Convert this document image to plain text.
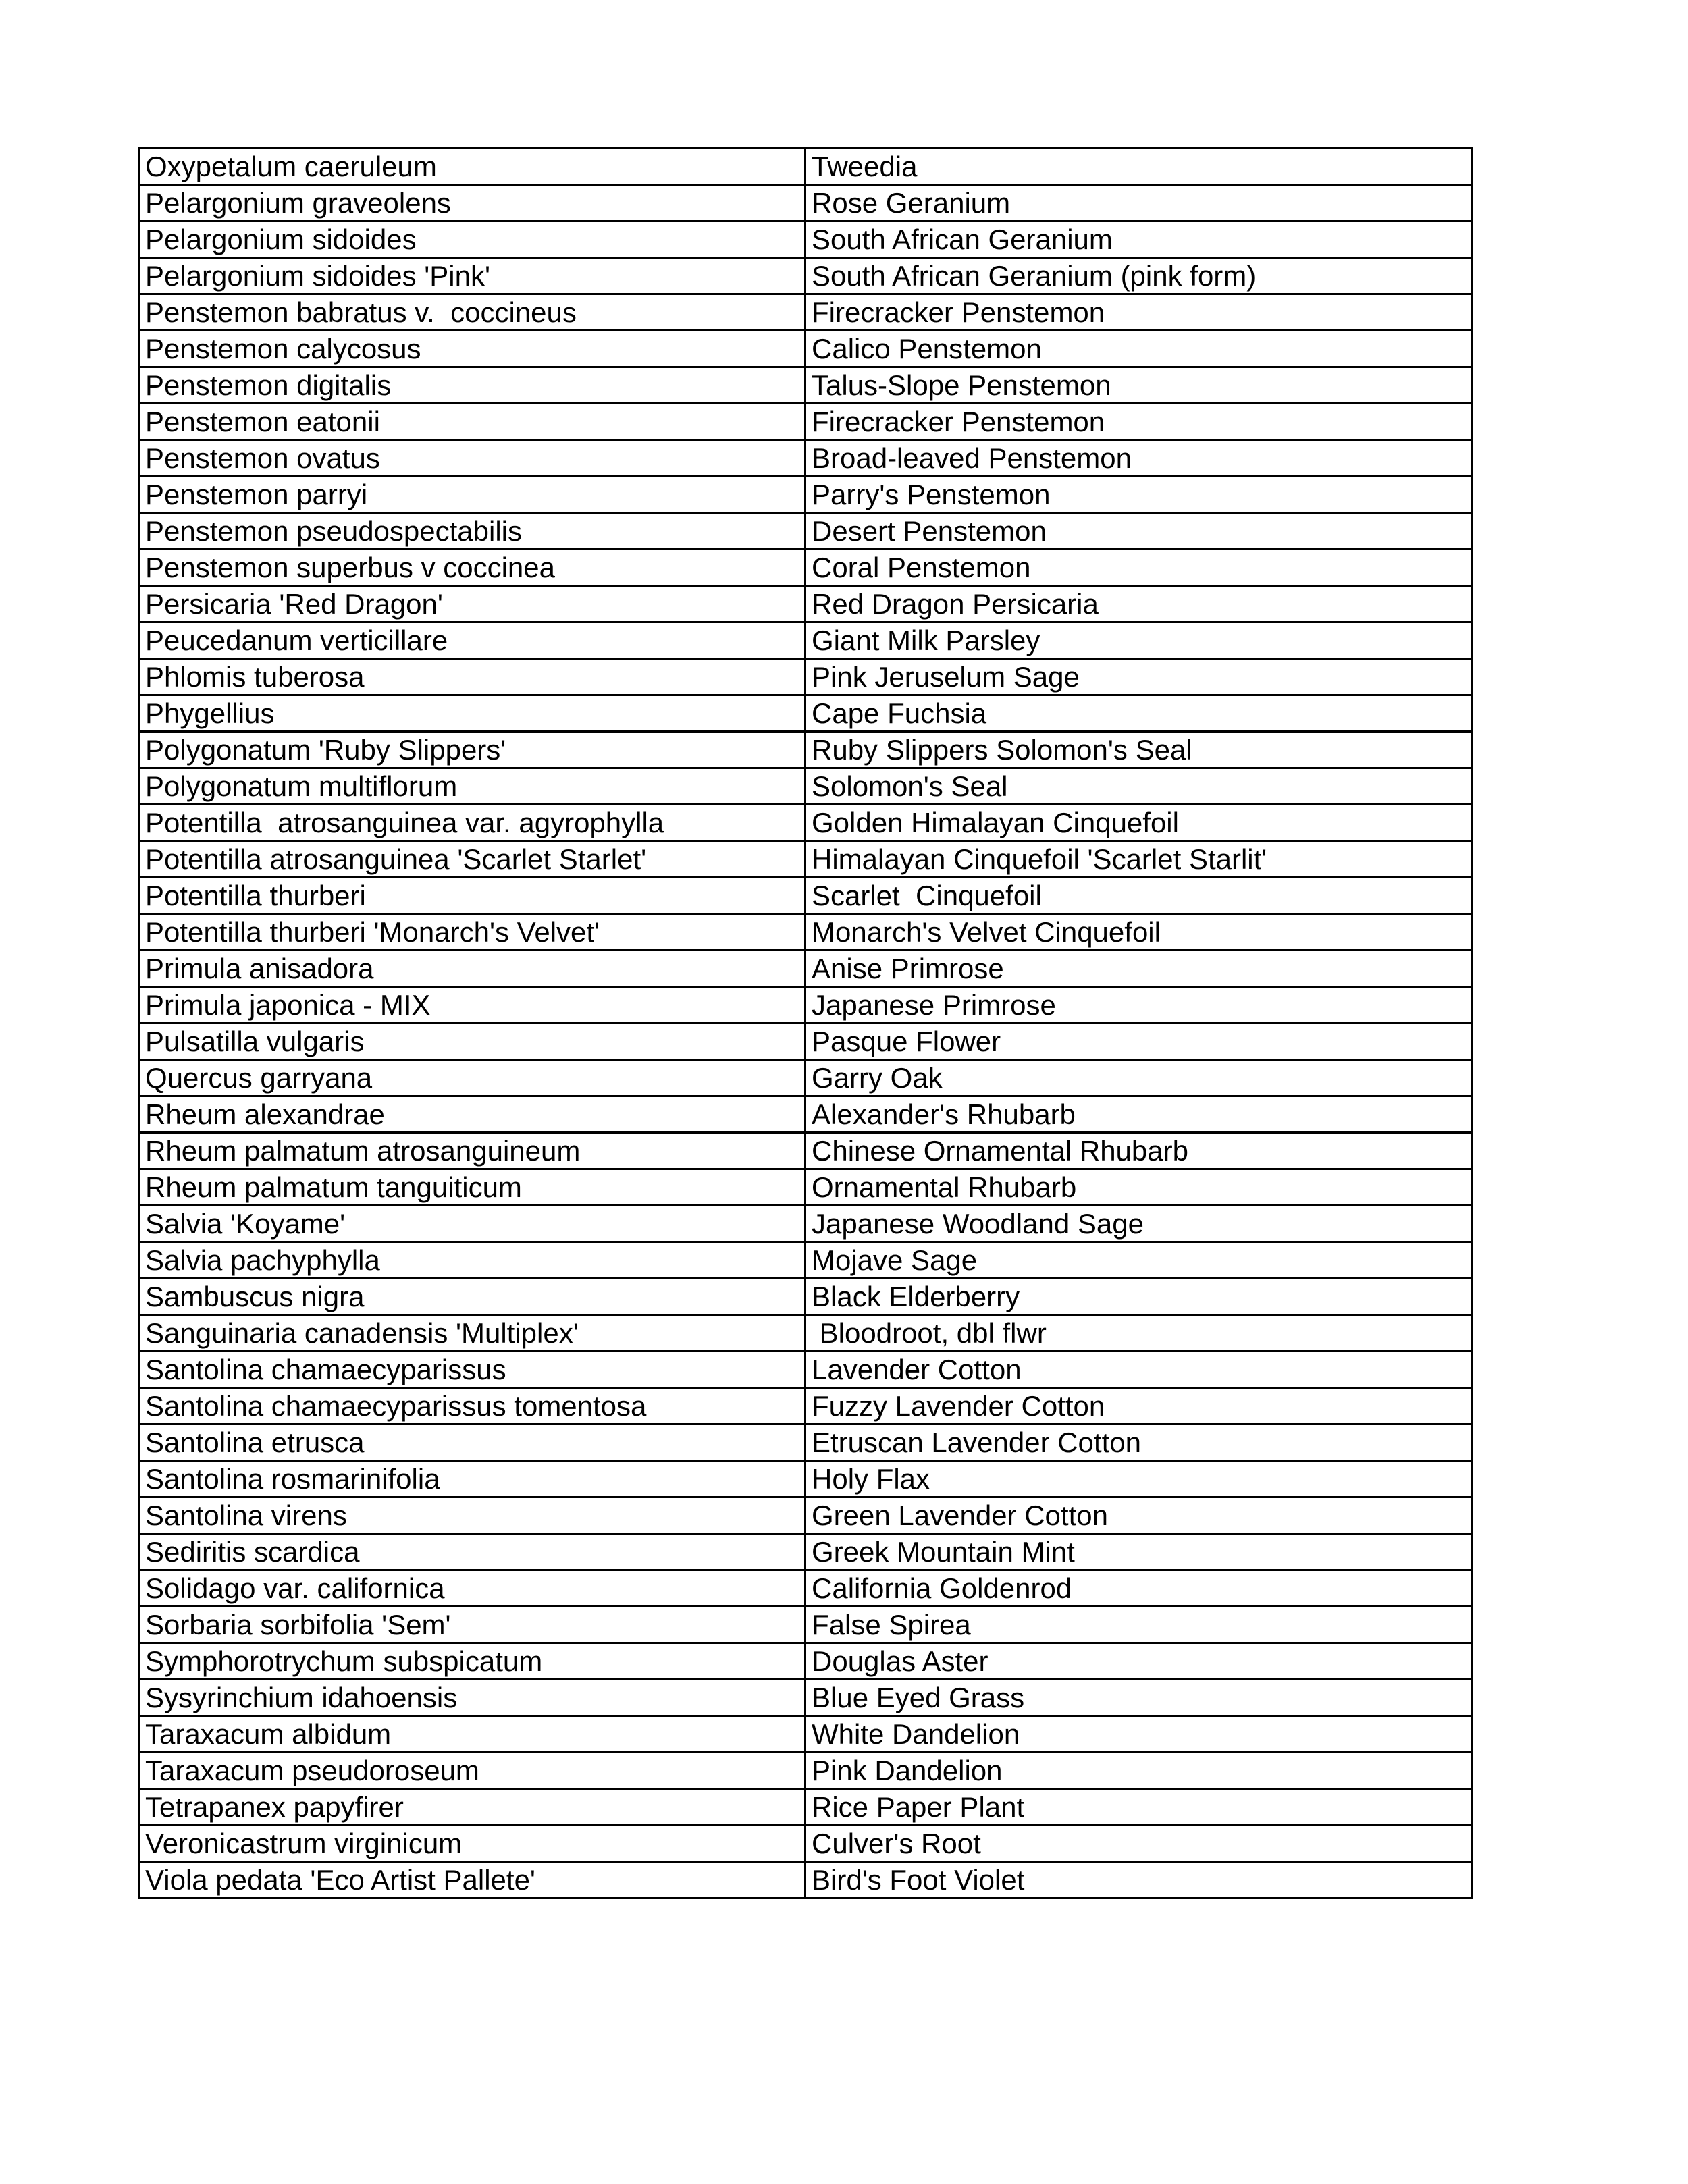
Oxypetalum caeruleum	Tweedia
Pelargonium graveolens	Rose Geranium
Pelargonium sidoides	South African Geranium
Pelargonium sidoides 'Pink'	South African Geranium (pink form)
Penstemon babratus v.  coccineus	Firecracker Penstemon
Penstemon calycosus	Calico Penstemon
Penstemon digitalis	Talus-Slope Penstemon
Penstemon eatonii	Firecracker Penstemon
Penstemon ovatus	Broad-leaved Penstemon
Penstemon parryi	Parry's Penstemon
Penstemon pseudospectabilis	Desert Penstemon
Penstemon superbus v coccinea	Coral Penstemon
Persicaria 'Red Dragon'	Red Dragon Persicaria
Peucedanum verticillare	Giant Milk Parsley
Phlomis tuberosa	Pink Jeruselum Sage
Phygellius	Cape Fuchsia
Polygonatum 'Ruby Slippers'	Ruby Slippers Solomon's Seal
Polygonatum multiflorum	Solomon's Seal
Potentilla  atrosanguinea var. agyrophylla	Golden Himalayan Cinquefoil
Potentilla atrosanguinea 'Scarlet Starlet'	Himalayan Cinquefoil 'Scarlet Starlit'
Potentilla thurberi	Scarlet  Cinquefoil
Potentilla thurberi 'Monarch's Velvet'	Monarch's Velvet Cinquefoil
Primula anisadora	Anise Primrose
Primula japonica - MIX	Japanese Primrose
Pulsatilla vulgaris	Pasque Flower
Quercus garryana	Garry Oak
Rheum alexandrae	Alexander's Rhubarb
Rheum palmatum atrosanguineum	Chinese Ornamental Rhubarb
Rheum palmatum tanguiticum	Ornamental Rhubarb
Salvia 'Koyame'	Japanese Woodland Sage
Salvia pachyphylla	Mojave Sage
Sambuscus nigra	Black Elderberry
Sanguinaria canadensis 'Multiplex'	Bloodroot, dbl flwr
Santolina chamaecyparissus	Lavender Cotton
Santolina chamaecyparissus tomentosa	Fuzzy Lavender Cotton
Santolina etrusca	Etruscan Lavender Cotton
Santolina rosmarinifolia	Holy Flax
Santolina virens	Green Lavender Cotton
Sediritis scardica	Greek Mountain Mint
Solidago var. californica	California Goldenrod
Sorbaria sorbifolia 'Sem'	False Spirea
Symphorotrychum subspicatum	Douglas Aster
Sysyrinchium idahoensis	Blue Eyed Grass
Taraxacum albidum	White Dandelion
Taraxacum pseudoroseum	Pink Dandelion
Tetrapanex papyfirer	Rice Paper Plant
Veronicastrum virginicum	Culver's Root
Viola pedata 'Eco Artist Pallete'	Bird's Foot Violet
